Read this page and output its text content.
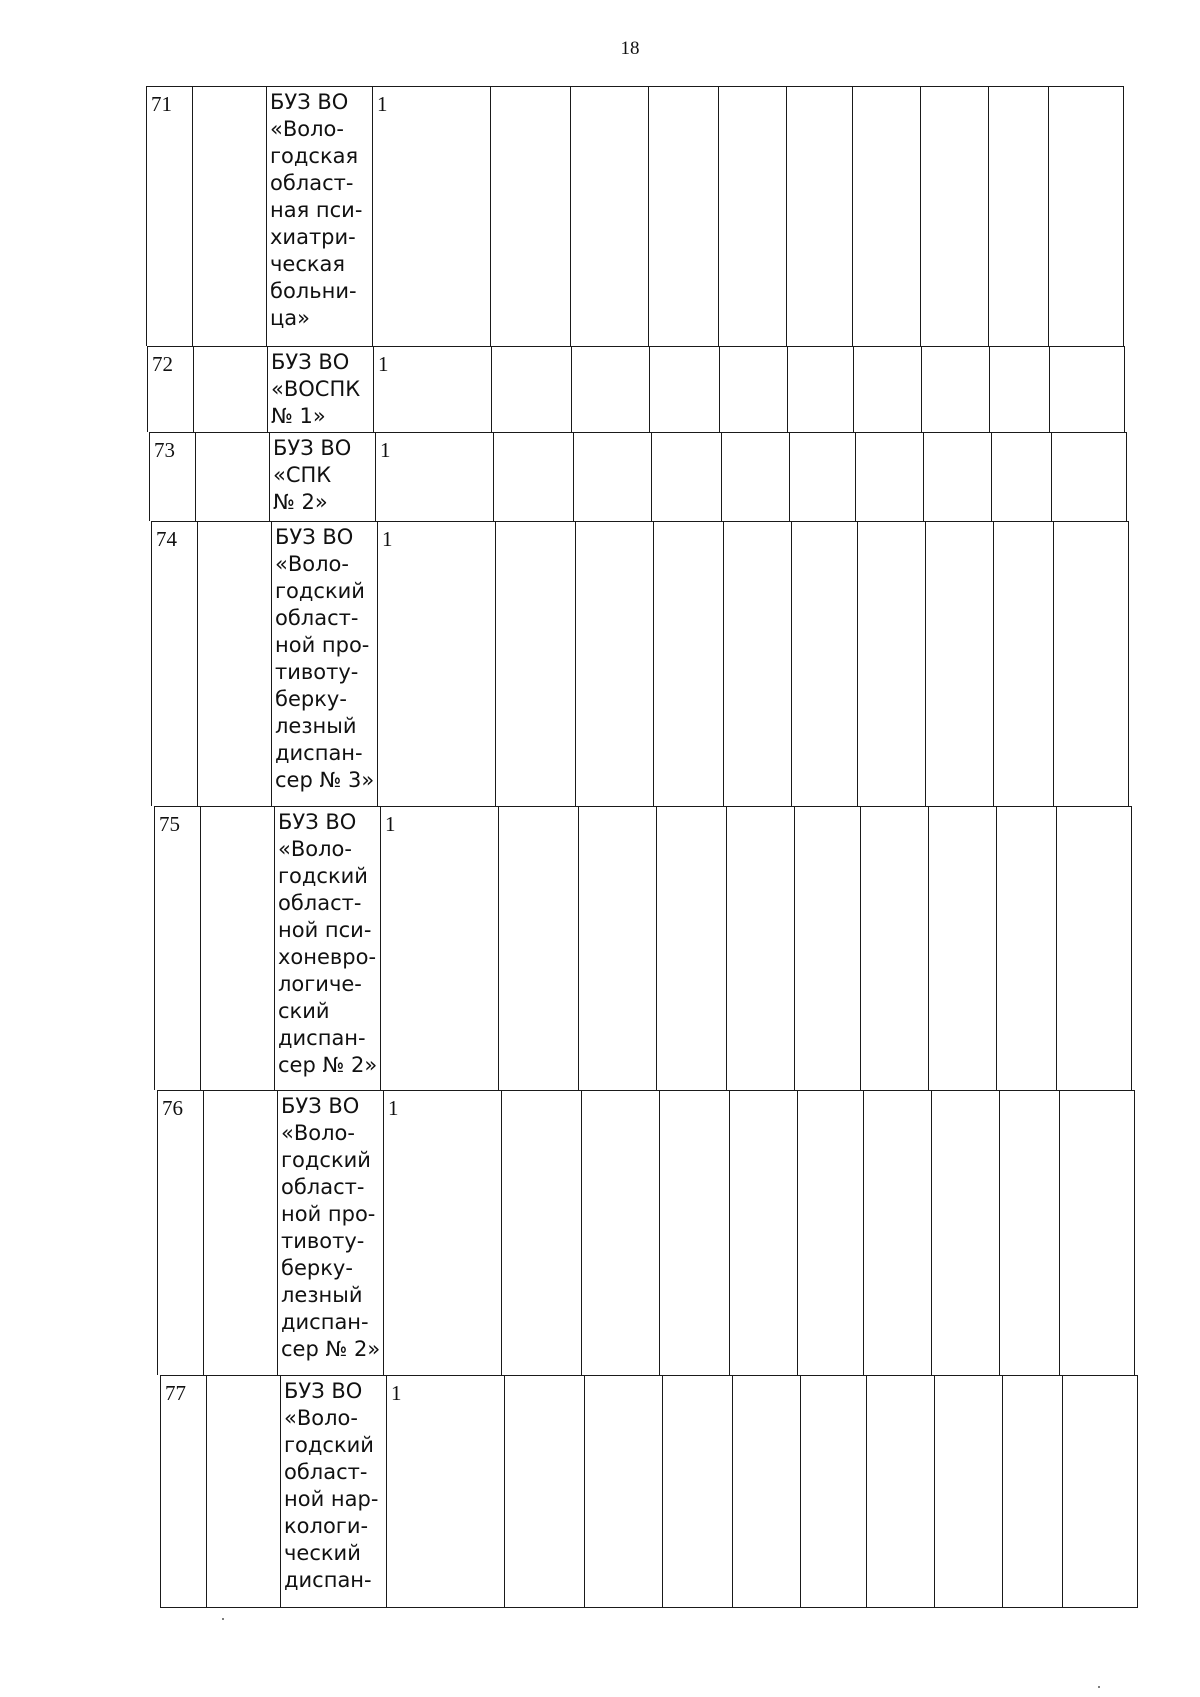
18
71	БУЗ ВО
«Воло-
годская
област-
ная пси-
хиатри-
ческая
больни-
ца»
1
72	БУЗ ВО
«ВОСПК
№ 1»
1
73	БУЗ ВО
«СПК
№ 2»
1
74	БУЗ ВО
«Воло-
годский
област-
ной про-
тивоту-
берку-
лезный
диспан-
сер № 3»
1
75	БУЗ ВО
«Воло-
годский
област-
ной пси-
хоневро-
логиче-
ский
диспан-
сер № 2»
1
76	БУЗ ВО
«Воло-
годский
област-
ной про-
тивоту-
берку-
лезный
диспан-
сер № 2»
1
77	БУЗ ВО
«Воло-
годский
област-
ной нар-
кологи-
ческий
диспан-
1
